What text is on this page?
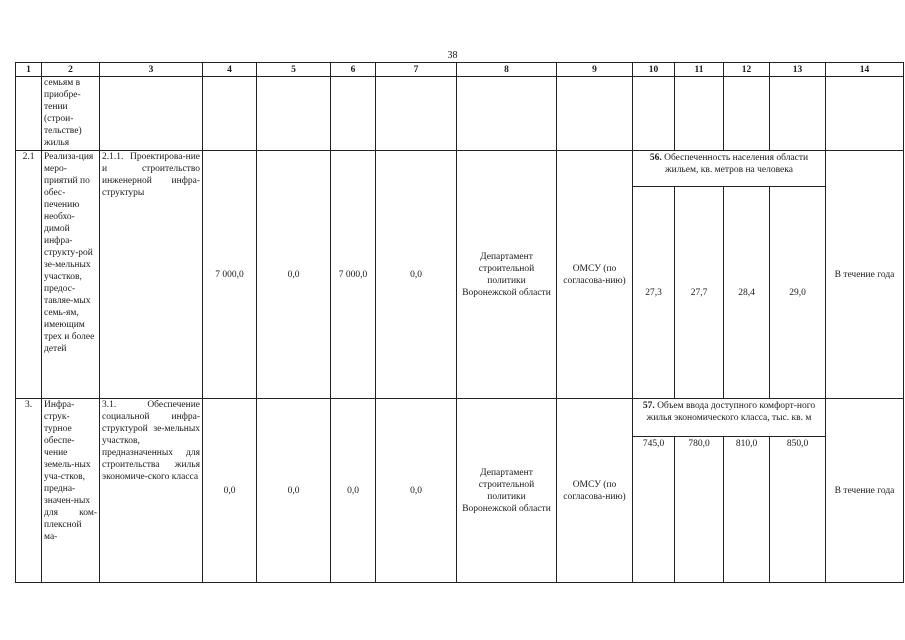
38
1	2	3	4	5	6	7	8	9	10	11	12	13	14
	семьям в приобре-тении (строи-тельстве) жилья												
2.1	Реализа-ция меро-приятий по обес-печению необхо-димой инфра-структу-рой зе-мельных участков, предос-тавляе-мых семь-ям, имеющим трех и более детей	2.1.1. Проектирова-ние и строительство инженерной инфра-структуры	7 000,0	0,0	7 000,0	0,0	Департамент строительной политики Воронежской области	ОМСУ (по согласова-нию)	56. Обеспеченность населения области жильем, кв. метров на человека				В течение года
									27,3	27,7	28,4	29,0	
3.	Инфра-струк-турное обеспе-чение земель-ных уча-стков, предна-значен-ных для ком-плексной ма-	3.1. Обеспечение социальной инфра-структурой зе-мельных участков, предназначенных для строительства жилья экономиче-ского класса	0,0	0,0	0,0	0,0	Департамент строительной политики Воронежской области	ОМСУ (по согласова-нию)	57. Объем ввода доступного комфорт-ного жилья экономического класса, тыс. кв. м				В течение года
									745,0	780,0	810,0	850,0	
